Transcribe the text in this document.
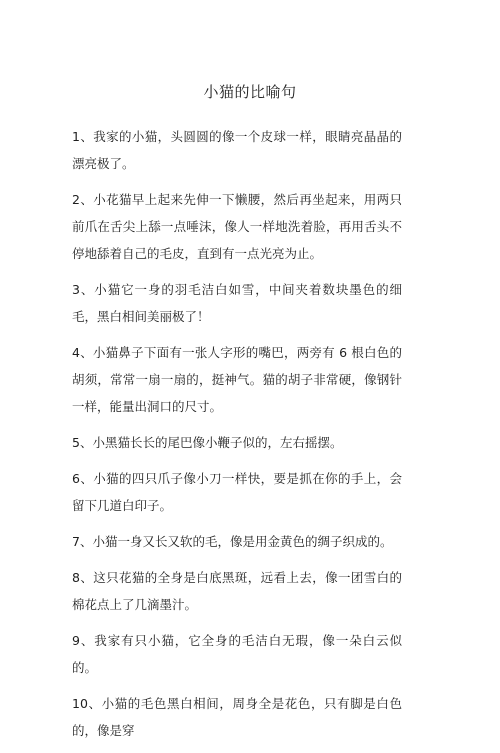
小猫的比喻句
1、我家的小猫，头圆圆的像一个皮球一样，眼睛亮晶晶的漂亮极了。
2、小花猫早上起来先伸一下懒腰，然后再坐起来，用两只前爪在舌尖上舔一点唾沫，像人一样地洗着脸，再用舌头不停地舔着自己的毛皮，直到有一点光亮为止。
3、小猫它一身的羽毛洁白如雪，中间夹着数块墨色的细毛，黑白相间美丽极了！
4、小猫鼻子下面有一张人字形的嘴巴，两旁有 6 根白色的胡须，常常一扇一扇的，挺神气。猫的胡子非常硬，像钢针一样，能量出洞口的尺寸。
5、小黑猫长长的尾巴像小鞭子似的，左右摇摆。
6、小猫的四只爪子像小刀一样快，要是抓在你的手上，会留下几道白印子。
7、小猫一身又长又软的毛，像是用金黄色的绸子织成的。
8、这只花猫的全身是白底黑斑，远看上去，像一团雪白的棉花点上了几滴墨汁。
9、我家有只小猫，它全身的毛洁白无瑕，像一朵白云似的。
10、小猫的毛色黑白相间，周身全是花色，只有脚是白色的，像是穿
